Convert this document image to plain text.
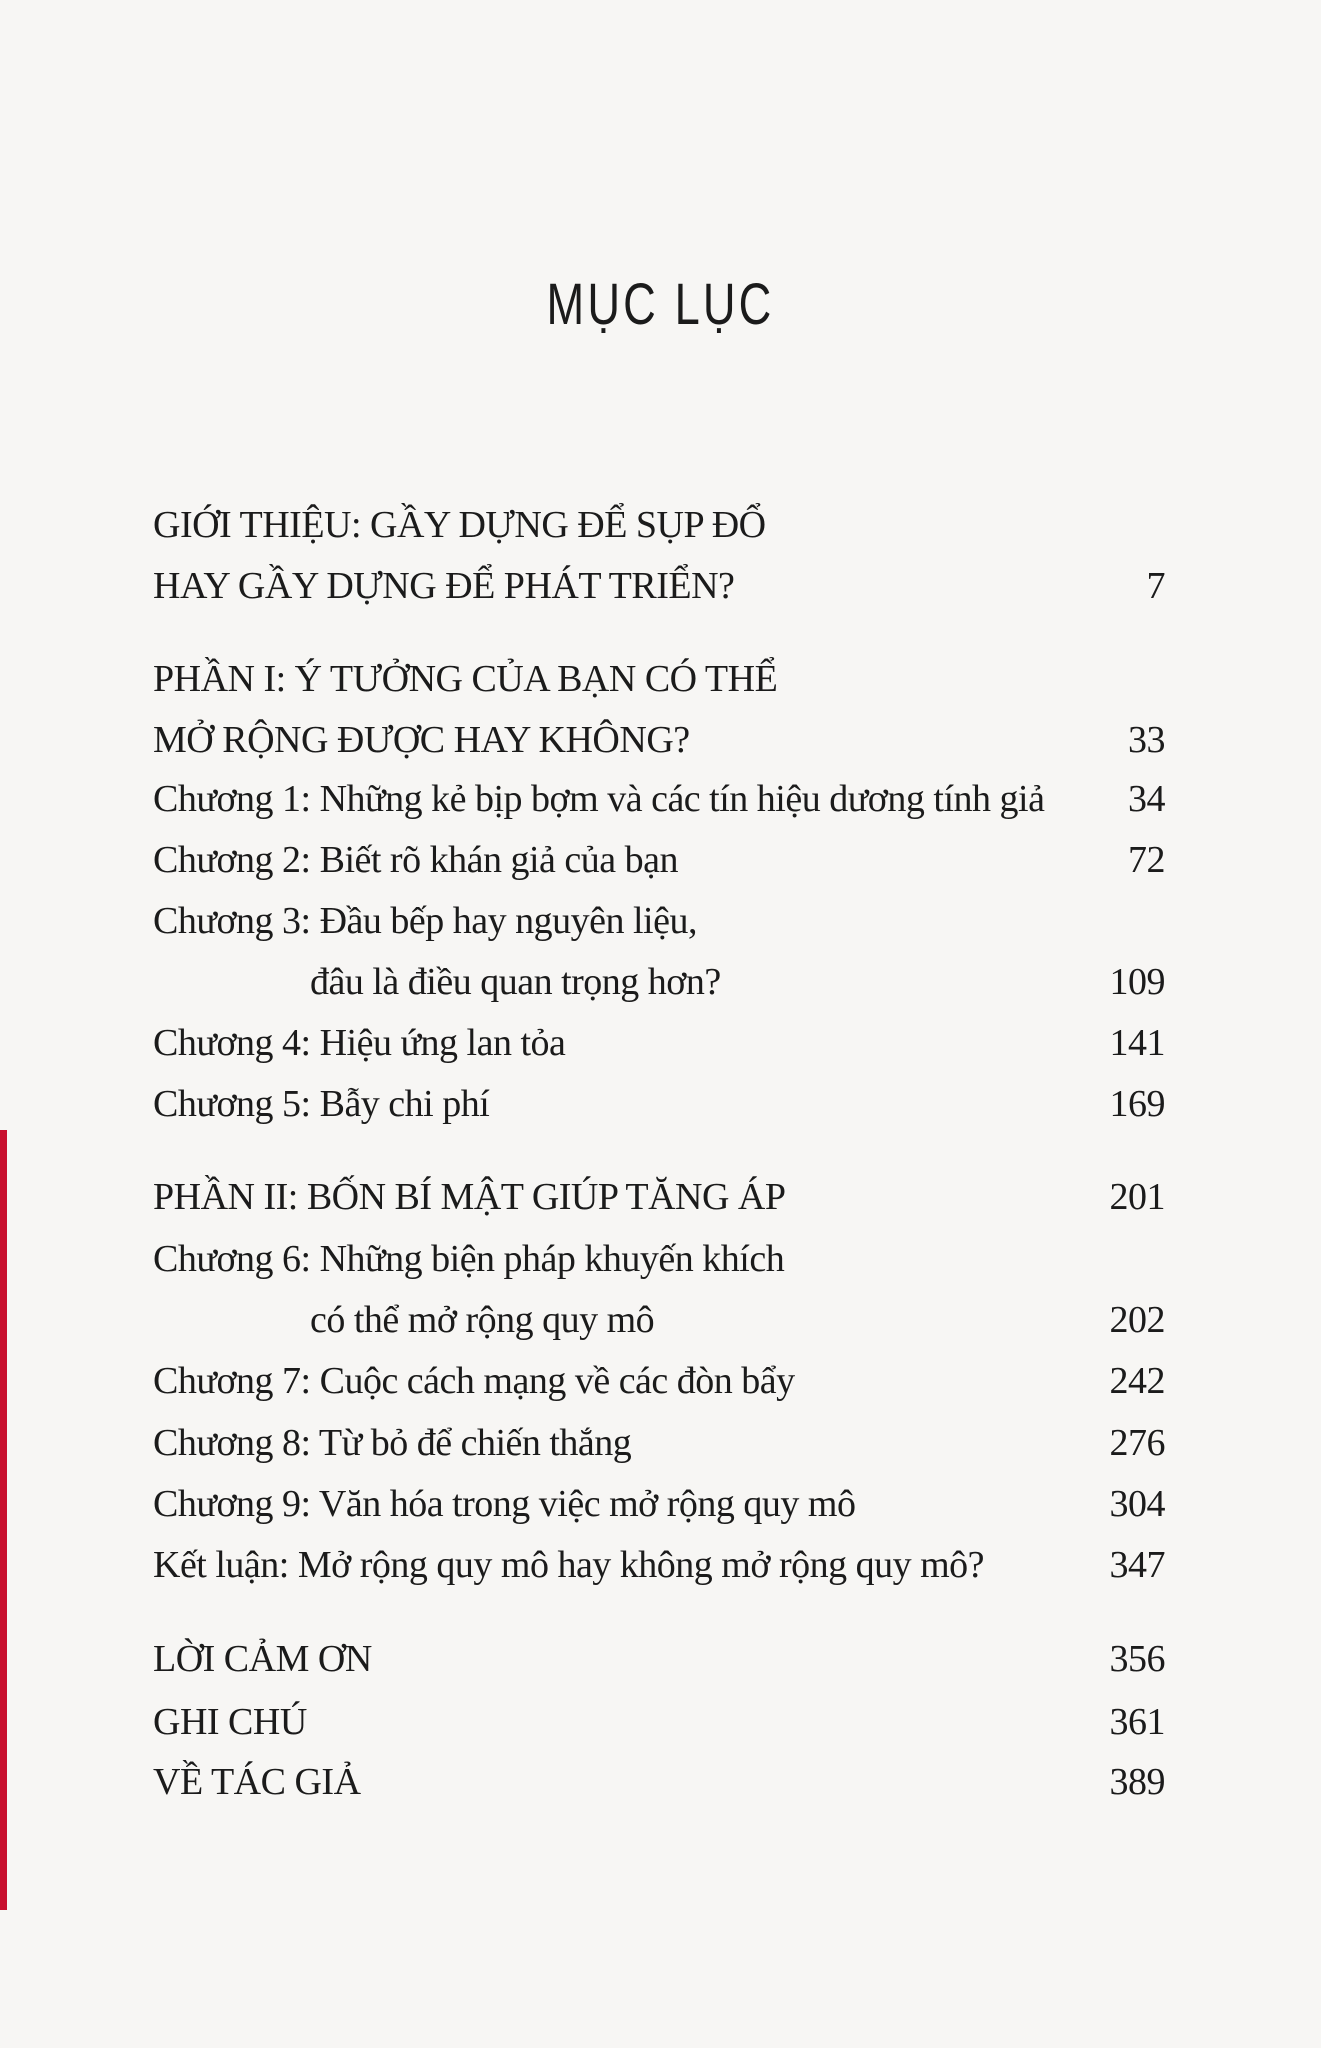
MỤC LỤC
GIỚI THIỆU: GẦY DỰNG ĐỂ SỤP ĐỔ
HAY GẦY DỰNG ĐỂ PHÁT TRIỂN?	7
PHẦN I: Ý TƯỞNG CỦA BẠN CÓ THỂ
MỞ RỘNG ĐƯỢC HAY KHÔNG?	33
Chương 1: Những kẻ bịp bợm và các tín hiệu dương tính giả 34
Chương 2: Biết rõ khán giả của bạn	72
Chương 3: Đầu bếp hay nguyên liệu,
đâu là điều quan trọng hơn?	109
Chương 4: Hiệu ứng lan tỏa	141
Chương 5: Bẫy chi phí	169
PHẦN II: BỐN BÍ MẬT GIÚP TĂNG ÁP	201
Chương 6: Những biện pháp khuyến khích
có thể mở rộng quy mô	202
Chương 7: Cuộc cách mạng về các đòn bẩy	242
Chương 8: Từ bỏ để chiến thắng	276
Chương 9: Văn hóa trong việc mở rộng quy mô	304
Kết luận: Mở rộng quy mô hay không mở rộng quy mô?	347
LỜI CẢM ƠN	356
GHI CHÚ	361
VỀ TÁC GIẢ	389
